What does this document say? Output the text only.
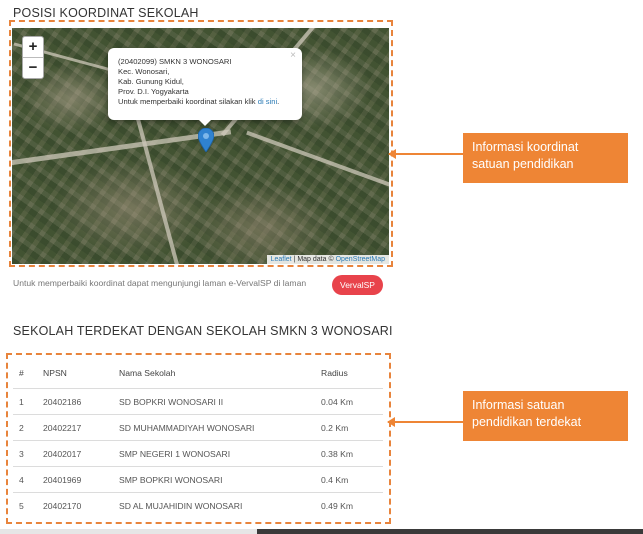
POSISI KOORDINAT SEKOLAH
+
−
×
(20402099) SMKN 3 WONOSARI
Kec. Wonosari,
Kab. Gunung Kidul,
Prov. D.I. Yogyakarta
Untuk memperbaiki koordinat silakan klik di sini.
Leaflet | Map data © OpenStreetMap
Untuk memperbaiki koordinat dapat mengunjungi laman e-VervalSP di laman	VervalSP
Informasi koordinat
satuan pendidikan
SEKOLAH TERDEKAT DENGAN SEKOLAH SMKN 3 WONOSARI
#	NPSN	Nama Sekolah	Radius
1	20402186	SD BOPKRI WONOSARI II	0.04 Km
2	20402217	SD MUHAMMADIYAH WONOSARI	0.2 Km
3	20402017	SMP NEGERI 1 WONOSARI	0.38 Km
4	20401969	SMP BOPKRI WONOSARI	0.4 Km
5	20402170	SD AL MUJAHIDIN WONOSARI	0.49 Km
Informasi satuan
pendidikan terdekat
